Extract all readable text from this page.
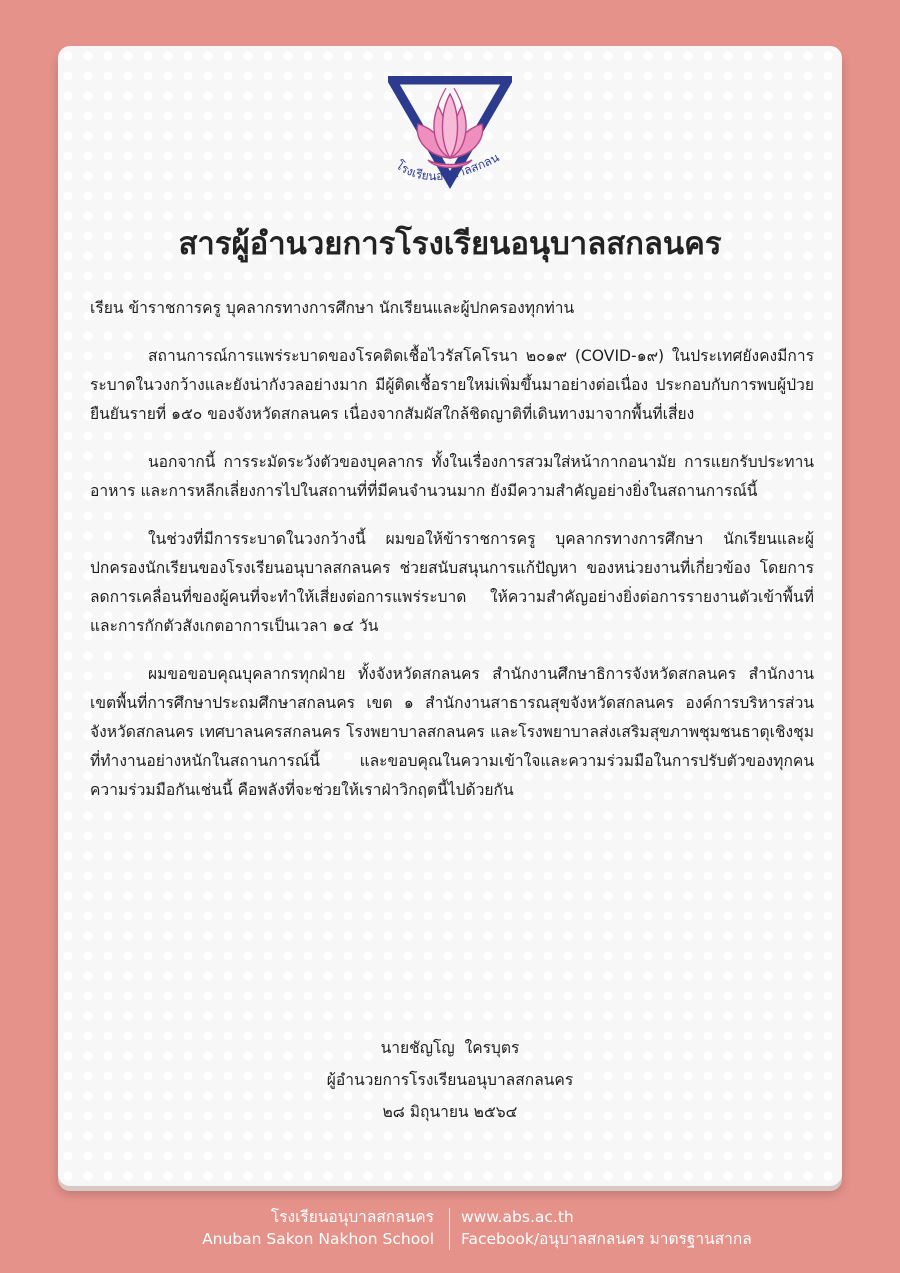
โรงเรียนอนุบาลสกลน
สารผู้อำนวยการโรงเรียนอนุบาลสกลนคร

เรียน ข้าราชการครู บุคลากรทางการศึกษา นักเรียนและผู้ปกครองทุกท่าน

สถานการณ์การแพร่ระบาดของโรคติดเชื้อไวรัสโคโรนา ๒๐๑๙ (COVID-๑๙) ในประเทศยังคงมีการระบาดในวงกว้างและยังน่ากังวลอย่างมาก มีผู้ติดเชื้อรายใหม่เพิ่มขึ้นมาอย่างต่อเนื่อง ประกอบกับการพบผู้ป่วยยืนยันรายที่ ๑๕๐ ของจังหวัดสกลนคร เนื่องจากสัมผัสใกล้ชิดญาติที่เดินทางมาจากพื้นที่เสี่ยง

นอกจากนี้ การระมัดระวังตัวของบุคลากร ทั้งในเรื่องการสวมใส่หน้ากากอนามัย การแยกรับประทานอาหาร และการหลีกเลี่ยงการไปในสถานที่ที่มีคนจำนวนมาก ยังมีความสำคัญอย่างยิ่งในสถานการณ์นี้

ในช่วงที่มีการระบาดในวงกว้างนี้ ผมขอให้ข้าราชการครู บุคลากรทางการศึกษา นักเรียนและผู้ปกครองนักเรียนของโรงเรียนอนุบาลสกลนคร ช่วยสนับสนุนการแก้ปัญหา ของหน่วยงานที่เกี่ยวข้อง โดยการลดการเคลื่อนที่ของผู้คนที่จะทำให้เสี่ยงต่อการแพร่ระบาด ให้ความสำคัญอย่างยิ่งต่อการรายงานตัวเข้าพื้นที่ และการกักตัวสังเกตอาการเป็นเวลา ๑๔ วัน

ผมขอขอบคุณบุคลากรทุกฝ่าย ทั้งจังหวัดสกลนคร สำนักงานศึกษาธิการจังหวัดสกลนคร สำนักงานเขตพื้นที่การศึกษาประถมศึกษาสกลนคร เขต ๑ สำนักงานสาธารณสุขจังหวัดสกลนคร องค์การบริหารส่วนจังหวัดสกลนคร เทศบาลนครสกลนคร โรงพยาบาลสกลนคร และโรงพยาบาลส่งเสริมสุขภาพชุมชนธาตุเชิงชุม ที่ทำงานอย่างหนักในสถานการณ์นี้ และขอบคุณในความเข้าใจและความร่วมมือในการปรับตัวของทุกคน ความร่วมมือกันเช่นนี้ คือพลังที่จะช่วยให้เราฝ่าวิกฤตนี้ไปด้วยกัน

นายชัญโญ  ใครบุตร
ผู้อำนวยการโรงเรียนอนุบาลสกลนคร
๒๘ มิถุนายน ๒๕๖๔
โรงเรียนอนุบาลสกลนคร
Anuban Sakon Nakhon School
www.abs.ac.th
Facebook/อนุบาลสกลนคร มาตรฐานสากล
